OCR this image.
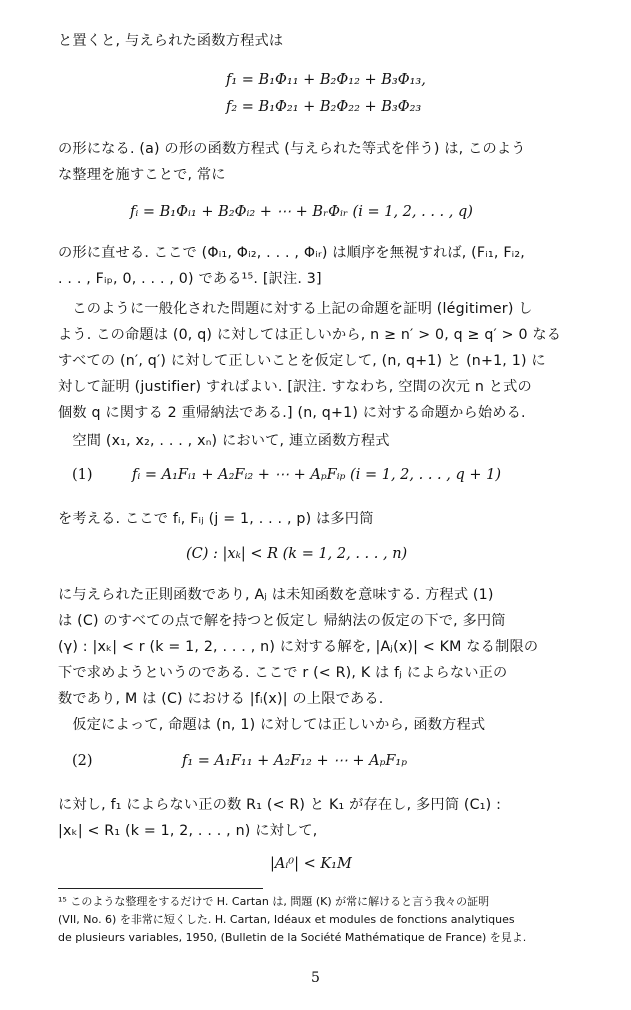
と置くと, 与えられた函数方程式は

f₁ = B₁Φ₁₁ + B₂Φ₁₂ + B₃Φ₁₃,

f₂ = B₁Φ₂₁ + B₂Φ₂₂ + B₃Φ₂₃

の形になる. (a) の形の函数方程式 (与えられた等式を伴う) は, このよう
な整理を施すことで, 常に

fᵢ = B₁Φᵢ₁ + B₂Φᵢ₂ + ⋯ + BᵣΦᵢᵣ (i = 1, 2, . . . , q)

の形に直せる. ここで (Φᵢ₁, Φᵢ₂, . . . , Φᵢᵣ) は順序を無視すれば, (Fᵢ₁, Fᵢ₂,
. . . , Fᵢₚ, 0, . . . , 0) である¹⁵. [訳注. 3]

　このように一般化された問題に対する上記の命題を証明 (légitimer) し
よう. この命題は (0, q) に対しては正しいから, n ≥ n′ > 0, q ≥ q′ > 0 なる
すべての (n′, q′) に対して正しいことを仮定して, (n, q+1) と (n+1, 1) に
対して証明 (justifier) すればよい. [訳注. すなわち, 空間の次元 n と式の
個数 q に関する 2 重帰納法である.] (n, q+1) に対する命題から始める.

　空間 (x₁, x₂, . . . , xₙ) において, 連立函数方程式

(1)	fᵢ = A₁Fᵢ₁ + A₂Fᵢ₂ + ⋯ + AₚFᵢₚ (i = 1, 2, . . . , q + 1)

を考える. ここで fᵢ, Fᵢⱼ (j = 1, . . . , p) は多円筒

(C) : |xₖ| < R (k = 1, 2, . . . , n)

に与えられた正則函数であり, Aⱼ は未知函数を意味する. 方程式 (1)
は (C) のすべての点で解を持つと仮定し 帰納法の仮定の下で, 多円筒
(γ) : |xₖ| < r (k = 1, 2, . . . , n) に対する解を, |Aⱼ(x)| < KM なる制限の
下で求めようというのである. ここで r (< R), K は fⱼ によらない正の
数であり, M は (C) における |fᵢ(x)| の上限である.

　仮定によって, 命題は (n, 1) に対しては正しいから, 函数方程式

(2)	f₁ = A₁F₁₁ + A₂F₁₂ + ⋯ + AₚF₁ₚ

に対し, f₁ によらない正の数 R₁ (< R) と K₁ が存在し, 多円筒 (C₁) :
|xₖ| < R₁ (k = 1, 2, . . . , n) に対して,

|Aᵢ⁰| < K₁M

¹⁵ このような整理をするだけで H. Cartan は, 問題 (K) が常に解けると言う我々の証明
(VII, No. 6) を非常に短くした. H. Cartan, Idéaux et modules de fonctions analytiques
de plusieurs variables, 1950, (Bulletin de la Société Mathématique de France) を見よ.

5
